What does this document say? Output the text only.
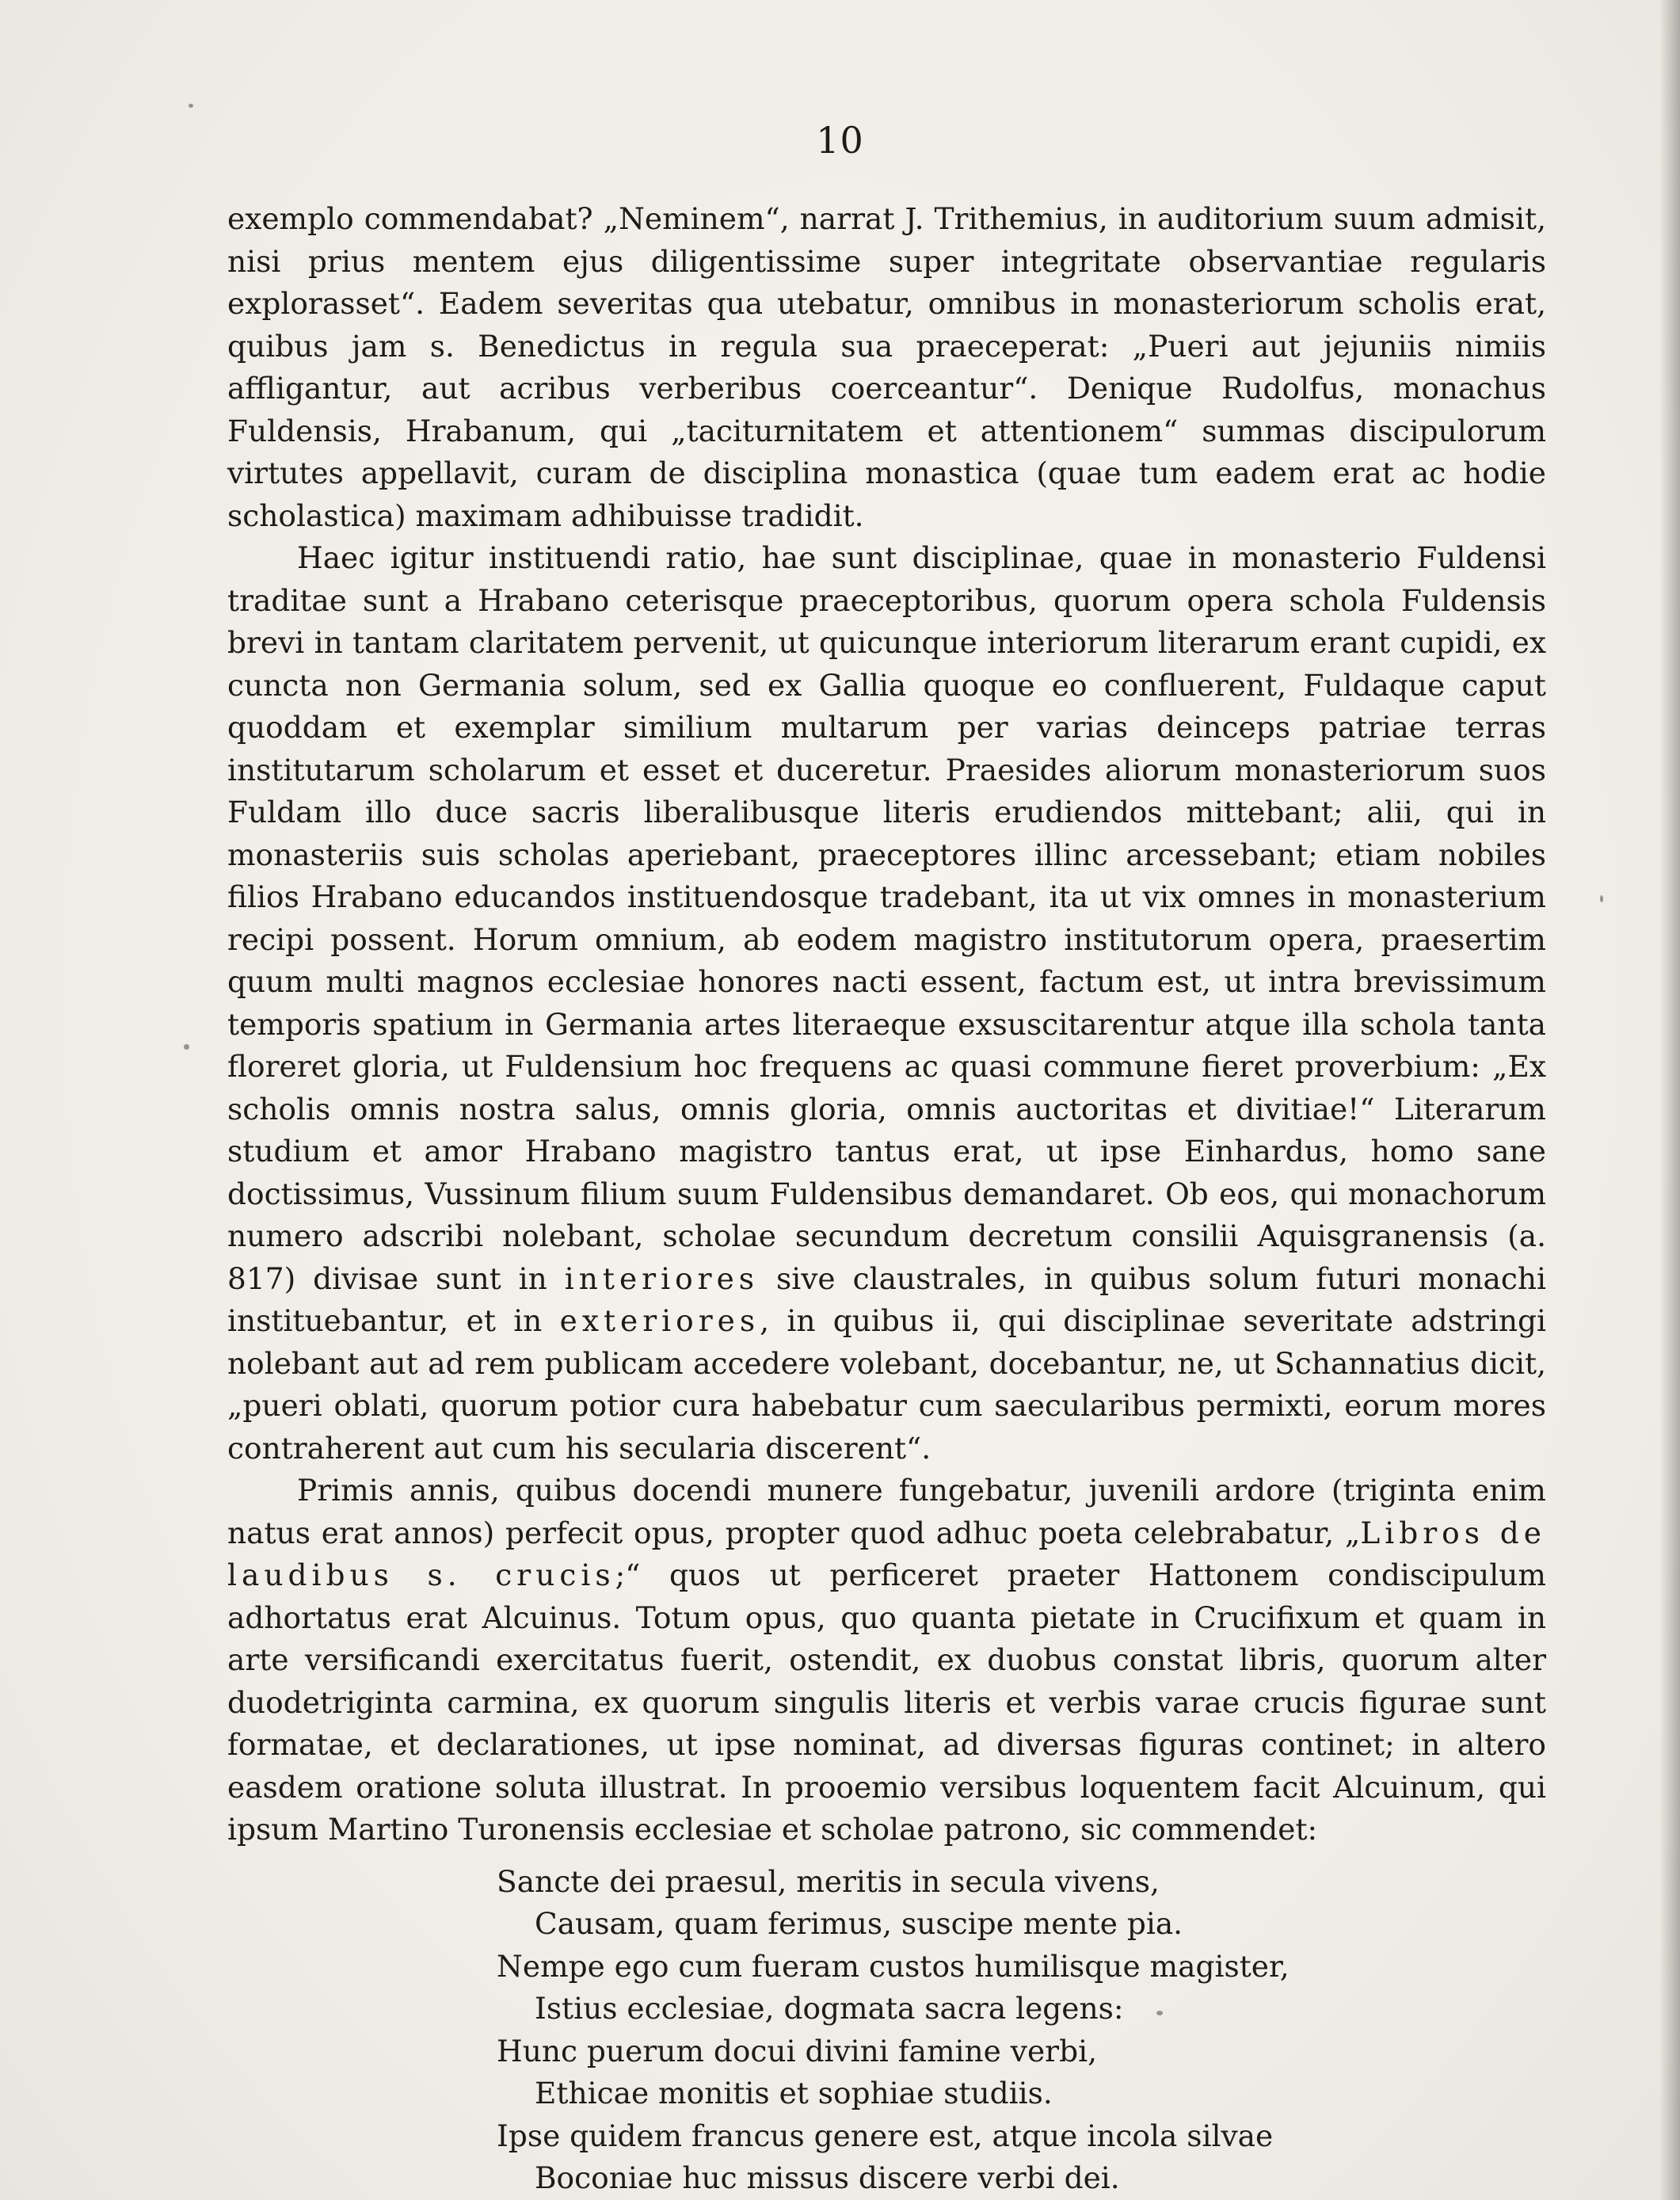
10

exemplo commendabat? „Neminem“, narrat J. Trithemius, in auditorium suum admisit, nisi prius mentem ejus diligentissime super integritate observantiae regularis explorasset“. Eadem severitas qua utebatur, omnibus in monasteriorum scholis erat, quibus jam s. Benedictus in regula sua praeceperat: „Pueri aut jejuniis nimiis affligantur, aut acribus verberibus coerceantur“. Denique Rudolfus, monachus Fuldensis, Hrabanum, qui „taciturnitatem et attentionem“ summas discipulorum virtutes appellavit, curam de disciplina monastica (quae tum eadem erat ac hodie scholastica) maximam adhibuisse tradidit.

Haec igitur instituendi ratio, hae sunt disciplinae, quae in monasterio Fuldensi traditae sunt a Hrabano ceterisque praeceptoribus, quorum opera schola Fuldensis brevi in tantam claritatem pervenit, ut quicunque interiorum literarum erant cupidi, ex cuncta non Germania solum, sed ex Gallia quoque eo confluerent, Fuldaque caput quoddam et exemplar similium multarum per varias deinceps patriae terras institutarum scholarum et esset et duceretur. Praesides aliorum monasteriorum suos Fuldam illo duce sacris liberalibusque literis erudiendos mittebant; alii, qui in monasteriis suis scholas aperiebant, praeceptores illinc arcessebant; etiam nobiles filios Hrabano educandos instituendosque tradebant, ita ut vix omnes in monasterium recipi possent. Horum omnium, ab eodem magistro institutorum opera, praesertim quum multi magnos ecclesiae honores nacti essent, factum est, ut intra brevissimum temporis spatium in Germania artes literaeque exsuscitarentur atque illa schola tanta floreret gloria, ut Fuldensium hoc frequens ac quasi commune fieret proverbium: „Ex scholis omnis nostra salus, omnis gloria, omnis auctoritas et divitiae!“ Literarum studium et amor Hrabano magistro tantus erat, ut ipse Einhardus, homo sane doctissimus, Vussinum filium suum Fuldensibus demandaret. Ob eos, qui monachorum numero adscribi nolebant, scholae secundum decretum consilii Aquisgranensis (a. 817) divisae sunt in interiores sive claustrales, in quibus solum futuri monachi instituebantur, et in exteriores, in quibus ii, qui disciplinae severitate adstringi nolebant aut ad rem publicam accedere volebant, docebantur, ne, ut Schannatius dicit, „pueri oblati, quorum potior cura habebatur cum saecularibus permixti, eorum mores contraherent aut cum his secularia discerent“.

Primis annis, quibus docendi munere fungebatur, juvenili ardore (triginta enim natus erat annos) perfecit opus, propter quod adhuc poeta celebrabatur, „Libros de laudibus s. crucis;“ quos ut perficeret praeter Hattonem condiscipulum adhortatus erat Alcuinus. Totum opus, quo quanta pietate in Crucifixum et quam in arte versificandi exercitatus fuerit, ostendit, ex duobus constat libris, quorum alter duodetriginta carmina, ex quorum singulis literis et verbis varae crucis figurae sunt formatae, et declarationes, ut ipse nominat, ad diversas figuras continet; in altero easdem oratione soluta illustrat. In prooemio versibus loquentem facit Alcuinum, qui ipsum Martino Turonensis ecclesiae et scholae patrono, sic commendet:

Sancte dei praesul, meritis in secula vivens,
Causam, quam ferimus, suscipe mente pia.
Nempe ego cum fueram custos humilisque magister,
Istius ecclesiae, dogmata sacra legens:
Hunc puerum docui divini famine verbi,
Ethicae monitis et sophiae studiis.
Ipse quidem francus genere est, atque incola silvae
Boconiae huc missus discere verbi dei.
